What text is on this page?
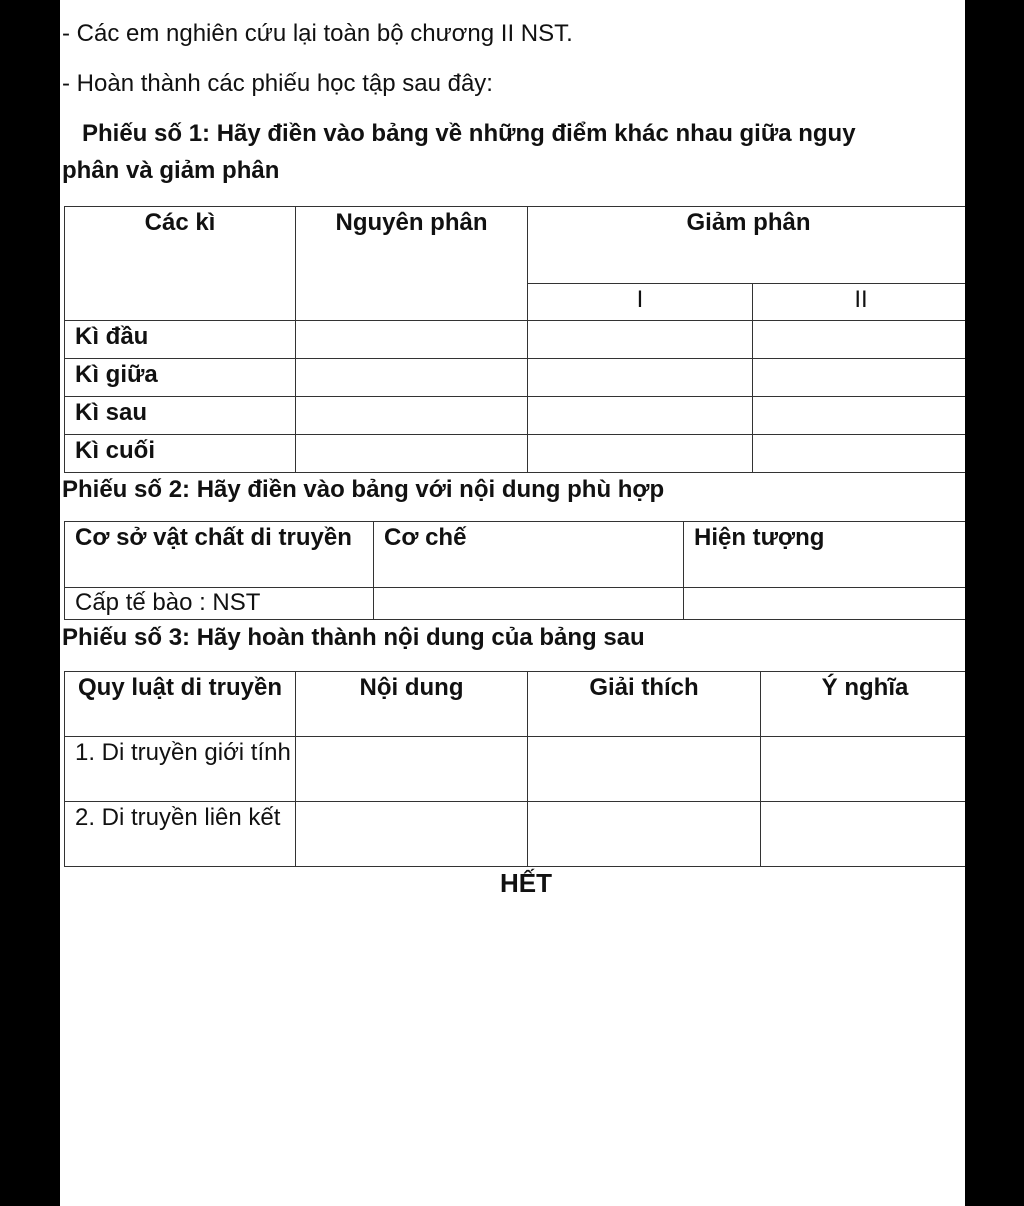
- Các em nghiên cứu lại toàn bộ chương II NST.
- Hoàn thành các phiếu học tập sau đây:
Phiếu số 1: Hãy điền vào bảng về những điểm khác nhau giữa nguy
phân và giảm phân
Các kì	Nguyên phân	Giảm phân	
		I	II
Kì đầu			
Kì giữa			
Kì sau			
Kì cuối			
Phiếu số 2: Hãy điền vào bảng với nội dung phù hợp
Cơ sở vật chất di truyền	Cơ chế	Hiện tượng
Cấp tế bào : NST		
Phiếu số 3: Hãy hoàn thành nội dung của bảng sau
Quy luật di truyền	Nội dung	Giải thích	Ý nghĩa
1. Di truyền giới tính			
2. Di truyền liên kết			
HẾT
